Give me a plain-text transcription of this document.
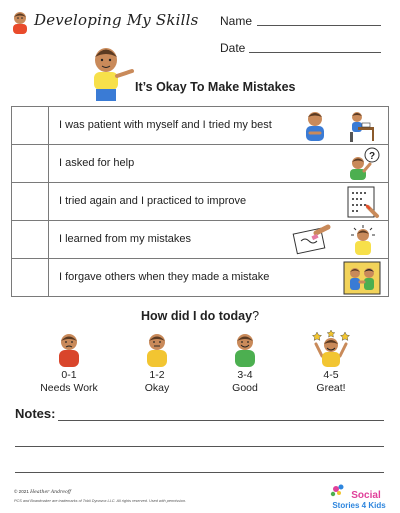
Developing My Skills Name
Date
It’s Okay To Make Mistakes
I was patient with myself and I tried my best
I asked for help
?
I tried again and I practiced to improve
I learned from my mistakes
I forgave others when they made a mistake
How did I do today?
0-1
Needs Work
1-2
Okay
3-4
Good
4-5
Great!
Notes:
© 2021 Heather Andreoff
PCS and Boardmaker are trademarks of Tobii Dynavox LLC. All rights reserved. Used with permission.	Social
Stories 4 Kids
